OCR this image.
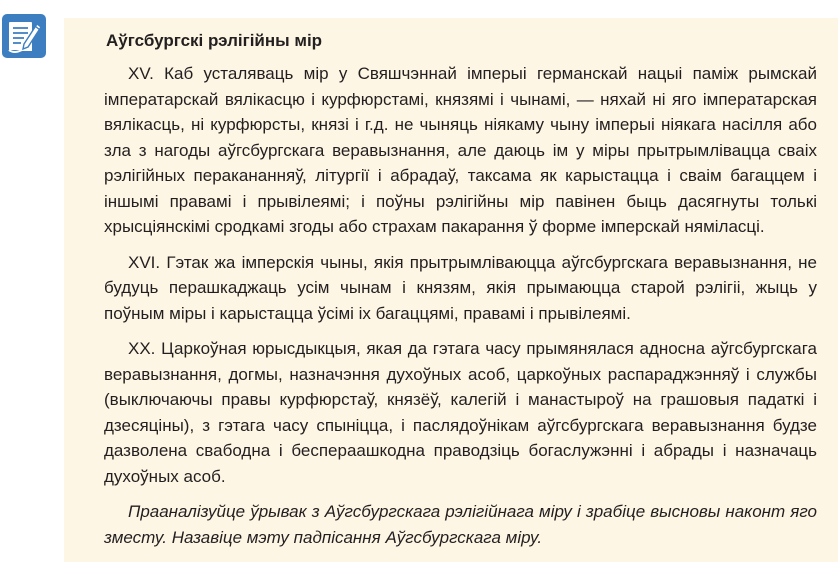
Аўгсбургскі рэлігійны мір

XV. Каб усталяваць мір у Свяшчэннай імперыі германскай нацыі паміж рымскай імператарскай вялікасцю і курфюрстамі, князямі і чынамі, — няхай ні яго імператарская вялікасць, ні курфюрсты, князі і г.д. не чыняць ніякаму чыну імперыі ніякага насілля або зла з нагоды аўгсбургскага веравызнання, але даюць ім у міры прытрымлівацца сваіх рэлігійных перакананняў, літургії і абрадаў, таксама як карыстацца і сваім багаццем і іншымі правамі і прывілеямі; і поўны рэлігійны мір павінен быць дасягнуты толькі хрысціянскімі сродкамі згоды або страхам пакарання ў форме імперскай няміласці.

XVI. Гэтак жа імперскія чыны, якія прытрымліваюцца аўгсбургскага веравызнання, не будуць перашкаджаць усім чынам і князям, якія прымаюцца старой рэлігіі, жыць у поўным міры і карыстацца ўсімі іх багаццямі, правамі і прывілеямі.

XX. Царкоўная юрысдыкцыя, якая да гэтага часу прымянялася адносна аўгсбургскага веравызнання, догмы, назначэння духоўных асоб, царкоўных распараджэнняў і службы (выключаючы правы курфюрстаў, князёў, калегій і манастыроў на грашовыя падаткі і дзесяціны), з гэтага часу спыніцца, і паслядоўнікам аўгсбургскага веравызнання будзе дазволена свабодна і беспераашкодна праводзіць богаслужэнні і абрады і назначаць духоўных асоб.

Прааналізуйце ўрывак з Аўгсбургскага рэлігійнага міру і зрабіце высновы наконт яго зместу. Назавіце мэту падпісання Аўгсбургскага міру.
